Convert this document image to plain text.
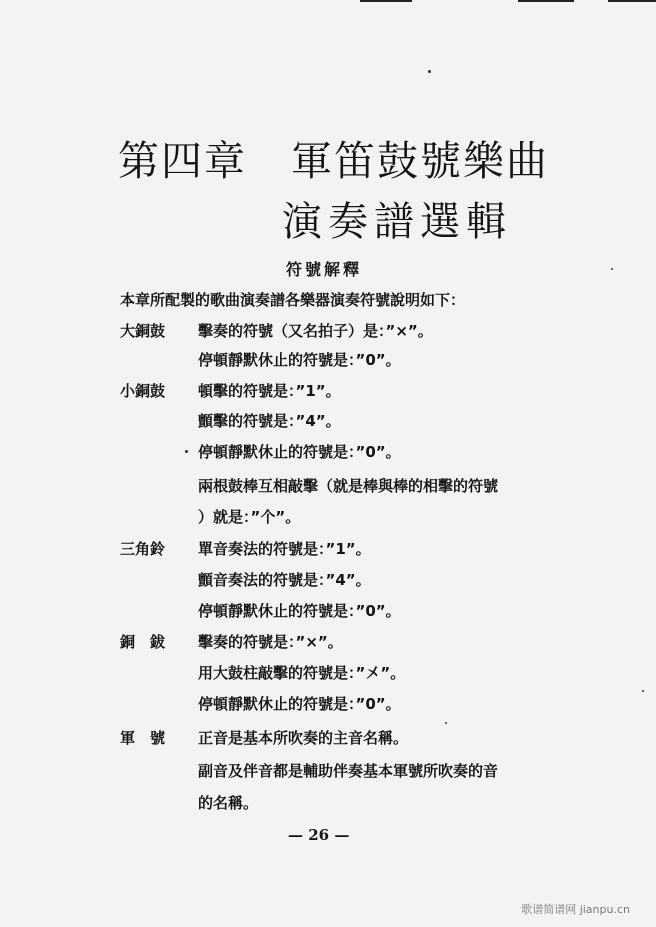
第四章 軍笛鼓號樂曲
演奏譜選輯
符號解釋
本章所配製的歌曲演奏譜各樂器演奏符號說明如下：
大銅鼓 擊奏的符號（又名拍子）是：”×”。
停頓靜默休止的符號是：”0”。
小銅鼓 頓擊的符號是：”1”。
顫擊的符號是：”4”。
停頓靜默休止的符號是：”0”。
兩根鼓棒互相敲擊（就是棒與棒的相擊的符號
）就是：”个”。
三角鈴 單音奏法的符號是：”1”。
顫音奏法的符號是：”4”。
停頓靜默休止的符號是：”0”。
銅　鈸 擊奏的符號是：”×”。
用大鼓柱敲擊的符號是：”㐅”。
停頓靜默休止的符號是：”0”。
軍　號 正音是基本所吹奏的主音名稱。
副音及伴音都是輔助伴奏基本軍號所吹奏的音
的名稱。
— 26 —
歌谱简谱网 jianpu.cn
